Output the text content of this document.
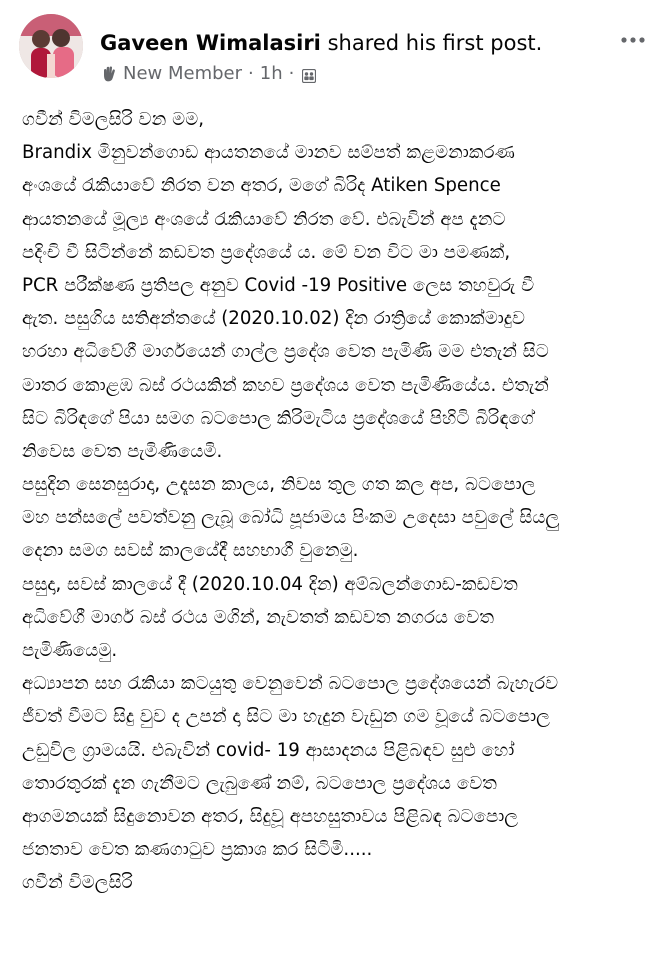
Gaveen Wimalasiri shared his first post.
New Member · 1h ·
ගවීන් විමලසිරි වන මම,
Brandix මිනුවන්ගොඩ ආයතනයේ මානව සම්පත් කළමනාකරණ
අංශයේ රැකියාවේ නිරත වන අතර, මගේ බිරිද Atiken Spence
ආයතනයේ මූල්‍ය අංශයේ රැකියාවේ නිරත වේ. එබැවින් අප දැනට
පදිංචි වී සිටින්නේ කඩවත ප්‍රදේශයේ ය. මේ වන විට මා පමණක්,
PCR පරීක්ෂණ ප්‍රතිපල අනුව Covid -19 Positive ලෙස තහවුරු වී
ඇත. පසුගිය සතිඅන්තයේ (2020.10.02) දින රාත්‍රියේ කොක්මාදුව
හරහා අධිවේගී මාර්ගයෙන් ගාල්ල ප්‍රදේශ වෙත පැමිණි මම එතැන් සිට
මාතර කොළඹ බස් රථයකින් කහව ප්‍රදේශය වෙත පැමිණියේය. එතැන්
සිට බිරිඳගේ පියා සමග බටපොල කිරිමැටිය ප්‍රදේශයේ පිහිටි බිරිඳගේ
නිවෙස වෙත පැමිණියෙමි.
පසුදින සෙනසුරාදා, උදෑසන කාලය, නිවස තුල ගත කල අප, බටපොල
මහ පන්සලේ පවත්වනු ලැබූ බෝධි පූජාමය පිංකම උදෙසා පවුලේ සියලු
දෙනා සමග සවස් කාලයේදී සහභාගී වුනෙමු.
පසුදා, සවස් කාලයේ දී (2020.10.04 දින) අම්බලන්ගොඩ-කඩවත
අධිවේගී මාර්ග බස් රථය මගින්, නැවතත් කඩවත නගරය වෙත
පැමිණියෙමු.
අධ්‍යාපන සහ රැකියා කටයුතු වෙනුවෙන් බටපොල ප්‍රදේශයෙන් බැහැරව
ජීවත් වීමට සිදු වුව ද උපන් දා සිට මා හැදුන වැඩුන ගම වූයේ බටපොල
උඩුවිල ග්‍රාමයයි. එබැවින් covid- 19 ආසාදනය පිළිබඳව සුළු හෝ
තොරතුරක් දැන ගැනීමට ලැබුණේ නම්, බටපොල ප්‍රදේශය වෙත
ආගමනයක් සිදුනොවන අතර, සිදුවූ අපහසුතාවය පිළිබඳ බටපොල
ජනතාව වෙත කණගාටුව ප්‍රකාශ කර සිටිමි.....
ගවීන් විමලසිරි
